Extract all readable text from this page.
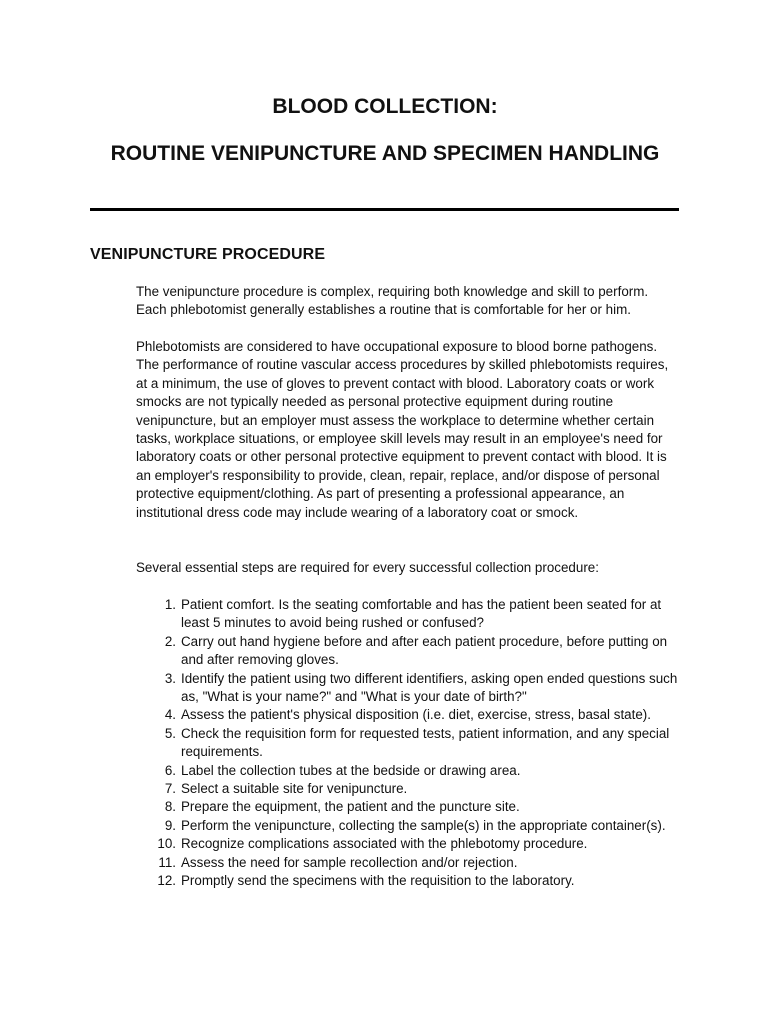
BLOOD COLLECTION:
ROUTINE VENIPUNCTURE AND SPECIMEN HANDLING
VENIPUNCTURE PROCEDURE

The venipuncture procedure is complex, requiring both knowledge and skill to perform. Each phlebotomist generally establishes a routine that is comfortable for her or him.

Phlebotomists are considered to have occupational exposure to blood borne pathogens. The performance of routine vascular access procedures by skilled phlebotomists requires, at a minimum, the use of gloves to prevent contact with blood. Laboratory coats or work smocks are not typically needed as personal protective equipment during routine venipuncture, but an employer must assess the workplace to determine whether certain tasks, workplace situations, or employee skill levels may result in an employee's need for laboratory coats or other personal protective equipment to prevent contact with blood. It is an employer's responsibility to provide, clean, repair, replace, and/or dispose of personal protective equipment/clothing. As part of presenting a professional appearance, an institutional dress code may include wearing of a laboratory coat or smock.

Several essential steps are required for every successful collection procedure:

1. Patient comfort. Is the seating comfortable and has the patient been seated for at least 5 minutes to avoid being rushed or confused?
2. Carry out hand hygiene before and after each patient procedure, before putting on and after removing gloves.
3. Identify the patient using two different identifiers, asking open ended questions such as, "What is your name?" and "What is your date of birth?"
4. Assess the patient's physical disposition (i.e. diet, exercise, stress, basal state).
5. Check the requisition form for requested tests, patient information, and any special requirements.
6. Label the collection tubes at the bedside or drawing area.
7. Select a suitable site for venipuncture.
8. Prepare the equipment, the patient and the puncture site.
9. Perform the venipuncture, collecting the sample(s) in the appropriate container(s).
10. Recognize complications associated with the phlebotomy procedure.
11. Assess the need for sample recollection and/or rejection.
12. Promptly send the specimens with the requisition to the laboratory.
